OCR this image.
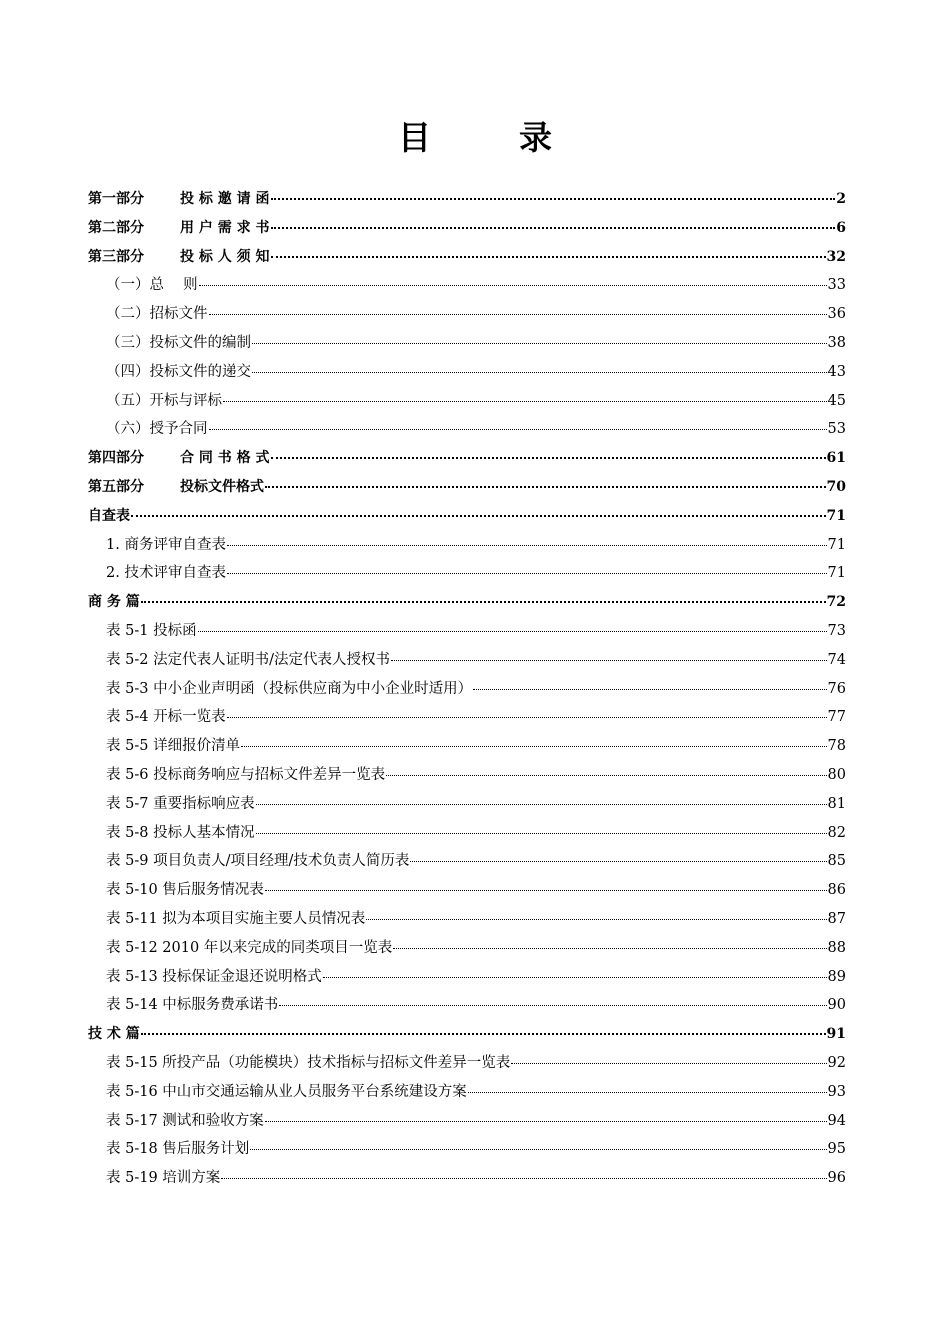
目	录
第一部分	投 标 邀 请 函	2
第二部分	用 户 需 求 书	6
第三部分	投 标 人 须 知	32
（一）总　 则	33
（二）招标文件	36
（三）投标文件的编制	38
（四）投标文件的递交	43
（五）开标与评标	45
（六）授予合同	53
第四部分	合 同 书 格 式	61
第五部分	投标文件格式	70
自查表	71
1. 商务评审自查表	71
2. 技术评审自查表	71
商 务 篇	72
表 5-1 投标函	73
表 5-2 法定代表人证明书/法定代表人授权书	74
表 5-3 中小企业声明函（投标供应商为中小企业时适用）	76
表 5-4 开标一览表	77
表 5-5 详细报价清单	78
表 5-6 投标商务响应与招标文件差异一览表	80
表 5-7 重要指标响应表	81
表 5-8 投标人基本情况	82
表 5-9 项目负责人/项目经理/技术负责人简历表	85
表 5-10 售后服务情况表	86
表 5-11 拟为本项目实施主要人员情况表	87
表 5-12 2010 年以来完成的同类项目一览表	88
表 5-13 投标保证金退还说明格式	89
表 5-14 中标服务费承诺书	90
技 术 篇	91
表 5-15 所投产品（功能模块）技术指标与招标文件差异一览表	92
表 5-16 中山市交通运输从业人员服务平台系统建设方案	93
表 5-17 测试和验收方案	94
表 5-18 售后服务计划	95
表 5-19 培训方案	96
